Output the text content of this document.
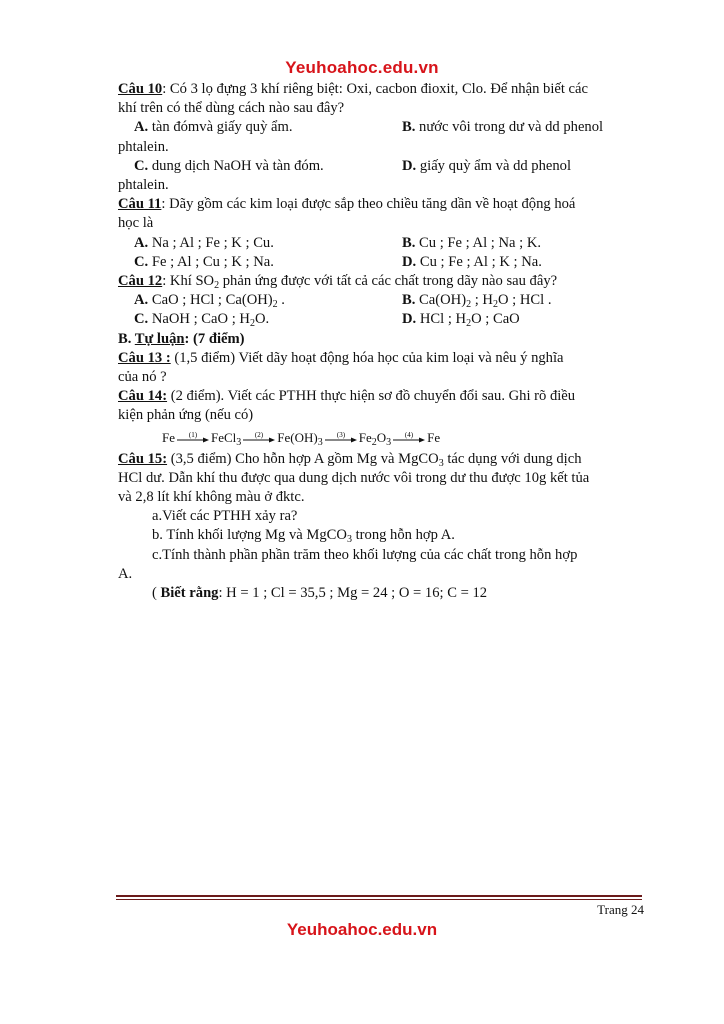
Yeuhoahoc.edu.vn
Câu 10: Có 3 lọ đựng 3 khí riêng biệt: Oxi, cacbon đioxit, Clo. Để nhận biết các
khí trên có thể dùng cách nào sau đây?
A. tàn đómvà giấy quỳ ẩm.	B. nước vôi trong dư và dd phenol
phtalein.
C. dung dịch NaOH và tàn đóm.	D. giấy quỳ ẩm và dd phenol
phtalein.
Câu 11: Dãy gồm các kim loại được sắp theo chiều tăng dần về hoạt động hoá
học là
A. Na ; Al ; Fe ; K ; Cu.	B. Cu ; Fe ; Al ; Na ; K.
C. Fe ; Al ; Cu ; K ; Na.	D. Cu ; Fe ; Al ; K ; Na.
Câu 12: Khí $SO_2$ phản ứng được với tất cả các chất trong dãy nào sau đây?
A. CaO ; HCl ; $Ca(OH)_2$ .	B. $Ca(OH)_2$ ; $H_2O$ ; HCl .
C. NaOH ; CaO ; $H_2O$.	D. HCl ; $H_2O$ ; CaO
B. Tự luận: (7 điểm)
Câu 13 : (1,5 điểm) Viết dãy hoạt động hóa học của kim loại và nêu ý nghĩa
của nó ?
Câu 14: (2 điểm). Viết các PTHH thực hiện sơ đồ chuyển đổi sau. Ghi rõ điều
kiện phản ứng (nếu có)
Fe (1) FeCl$_3$
(2) $Fe(OH)_3$
(3) $Fe_2O_3$
(4) Fe
Câu 15: (3,5 điểm) Cho hỗn hợp A gồm Mg và MgCO$_3$ tác dụng với dung dịch
HCl dư. Dẫn khí thu được qua dung dịch nước vôi trong dư thu được 10g kết tủa
và 2,8 lít khí không màu ở đktc.
a.Viết các PTHH xảy ra?
b. Tính khối lượng Mg và MgCO$_3$ trong hỗn hợp A.
c.Tính thành phần phần trăm theo khối lượng của các chất trong hỗn hợp
A.
( Biết rằng: H = 1 ; Cl = 35,5 ; Mg = 24 ; O = 16; C = 12
Trang 24
Yeuhoahoc.edu.vn
